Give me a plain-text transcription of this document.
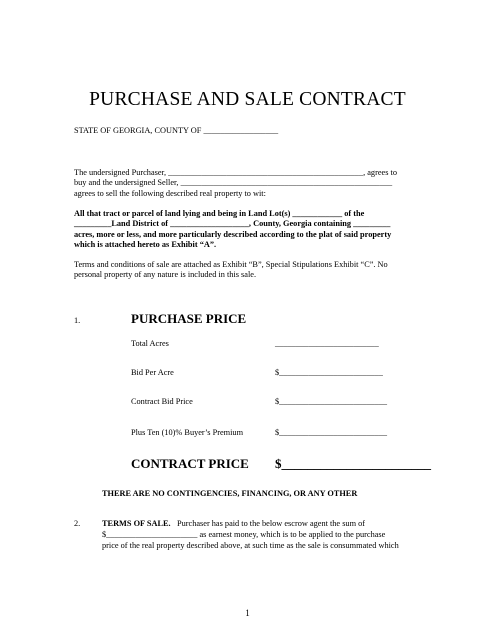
PURCHASE AND SALE CONTRACT
STATE OF GEORGIA, COUNTY OF __________________
The undersigned Purchaser, _______________________________________________, agrees to
buy and the undersigned Seller, ___________________________________________________
agrees to sell the following described real property to wit:
All that tract or parcel of land lying and being in Land Lot(s) ____________ of the
_________Land District of ___________________, County, Georgia containing _________
acres, more or less, and more particularly described according to the plat of said property
which is attached hereto as Exhibit “A”.
Terms and conditions of sale are attached as Exhibit “B”, Special Stipulations Exhibit “C”. No
personal property of any nature is included in this sale.
1.	PURCHASE PRICE
Total Acres	_________________________
Bid Per Acre	$_________________________
Contract Bid Price	$__________________________
Plus Ten (10)% Buyer’s Premium	$__________________________
CONTRACT PRICE $_______________________
THERE ARE NO CONTINGENCIES, FINANCING, OR ANY OTHER
2.	TERMS OF SALE. Purchaser has paid to the below escrow agent the sum of
$______________________ as earnest money, which is to be applied to the purchase
price of the real property described above, at such time as the sale is consummated which
1
